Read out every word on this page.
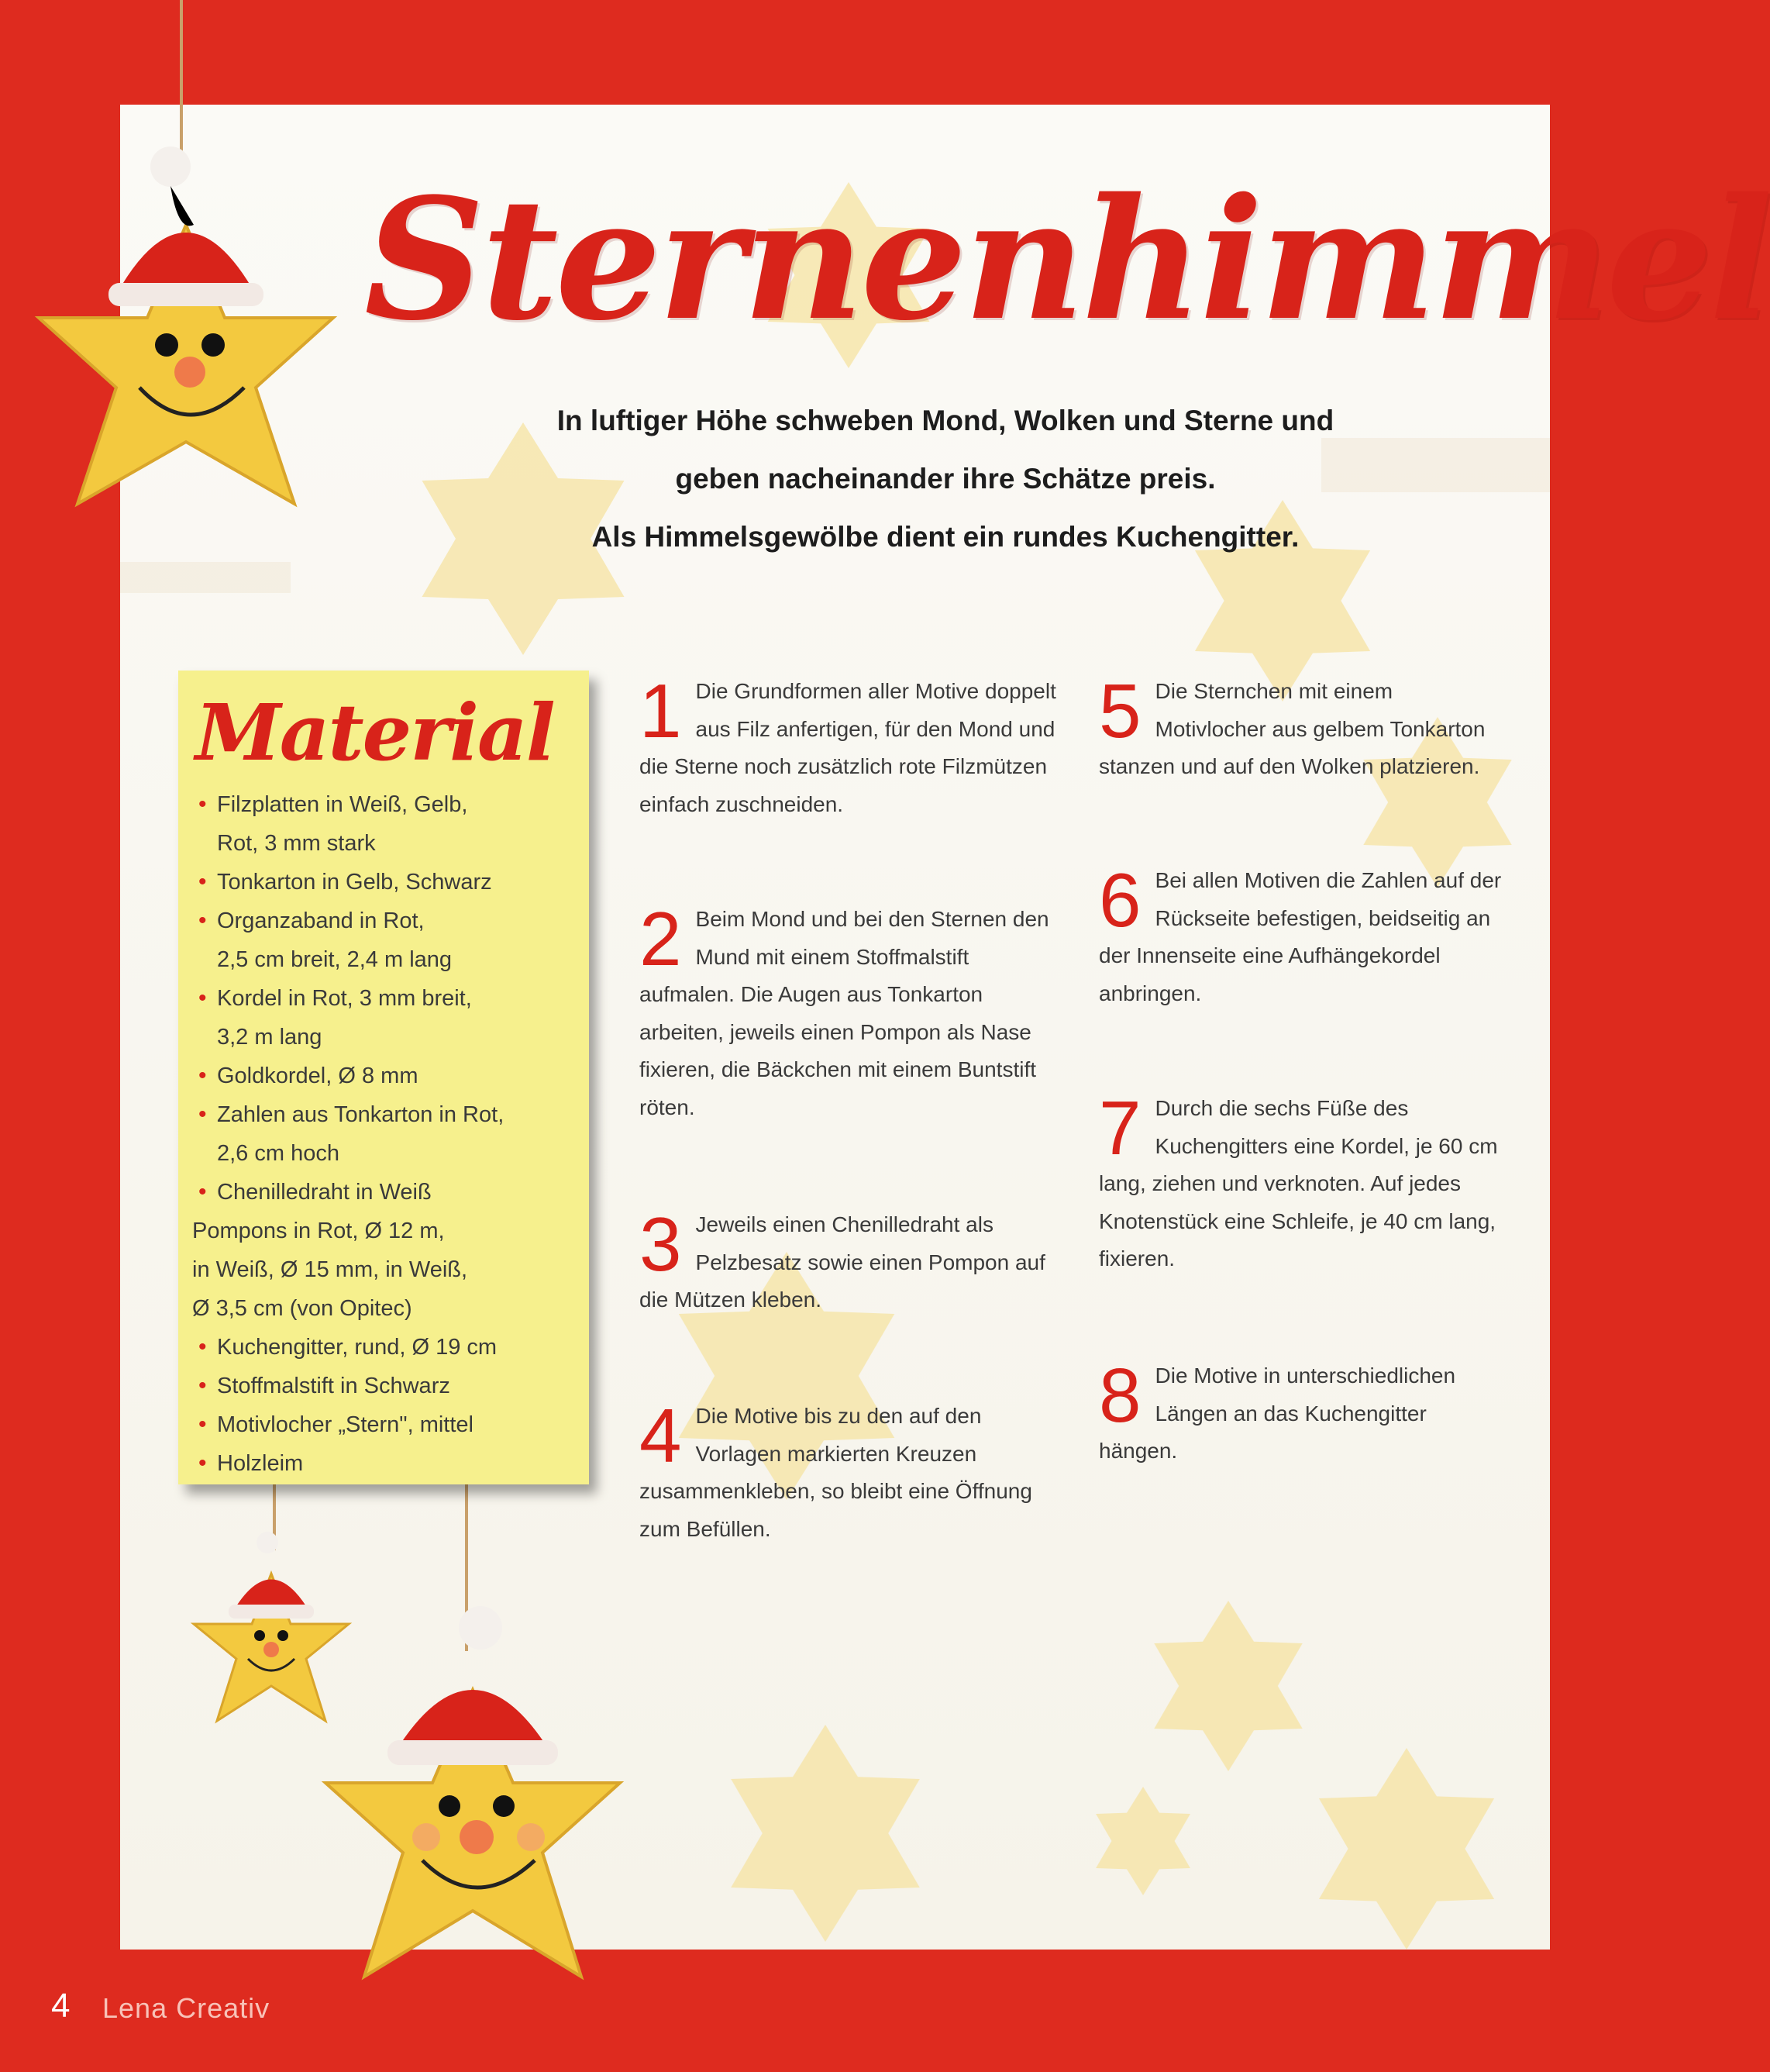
Sternenhimmel

In luftiger Höhe schweben Mond, Wolken und Sterne und

geben nacheinander ihre Schätze preis.

Als Himmelsgewölbe dient ein rundes Kuchengitter.

Material
• Filzplatten in Weiß, Gelb,
Rot, 3 mm stark
• Tonkarton in Gelb, Schwarz
• Organzaband in Rot,
2,5 cm breit, 2,4 m lang
• Kordel in Rot, 3 mm breit,
3,2 m lang
• Goldkordel, Ø 8 mm
• Zahlen aus Tonkarton in Rot,
2,6 cm hoch
• Chenilledraht in Weiß
Pompons in Rot, Ø 12 m,
in Weiß, Ø 15 mm, in Weiß,
Ø 3,5 cm (von Opitec)
• Kuchengitter, rund, Ø 19 cm
• Stoffmalstift in Schwarz
• Motivlocher „Stern", mittel
• Holzleim
1 Die Grundformen aller Motive doppelt aus Filz anfertigen, für den Mond und die Sterne noch zusätzlich rote Filzmützen einfach zuschneiden.
2 Beim Mond und bei den Sternen den Mund mit einem Stoffmalstift aufmalen. Die Augen aus Tonkarton arbeiten, jeweils einen Pompon als Nase fixieren, die Bäckchen mit einem Buntstift röten.
3 Jeweils einen Chenilledraht als Pelzbesatz sowie einen Pompon auf die Mützen kleben.
4 Die Motive bis zu den auf den Vorlagen markierten Kreuzen zusammenkleben, so bleibt eine Öffnung zum Befüllen.
5 Die Sternchen mit einem Motivlocher aus gelbem Tonkarton stanzen und auf den Wolken platzieren.
6 Bei allen Motiven die Zahlen auf der Rückseite befestigen, beidseitig an der Innenseite eine Aufhängekordel anbringen.
7 Durch die sechs Füße des Kuchengitters eine Kordel, je 60 cm lang, ziehen und verknoten. Auf jedes Knotenstück eine Schleife, je 40 cm lang, fixieren.
8 Die Motive in unterschiedlichen Längen an das Kuchengitter hängen.
4 Lena Creativ
